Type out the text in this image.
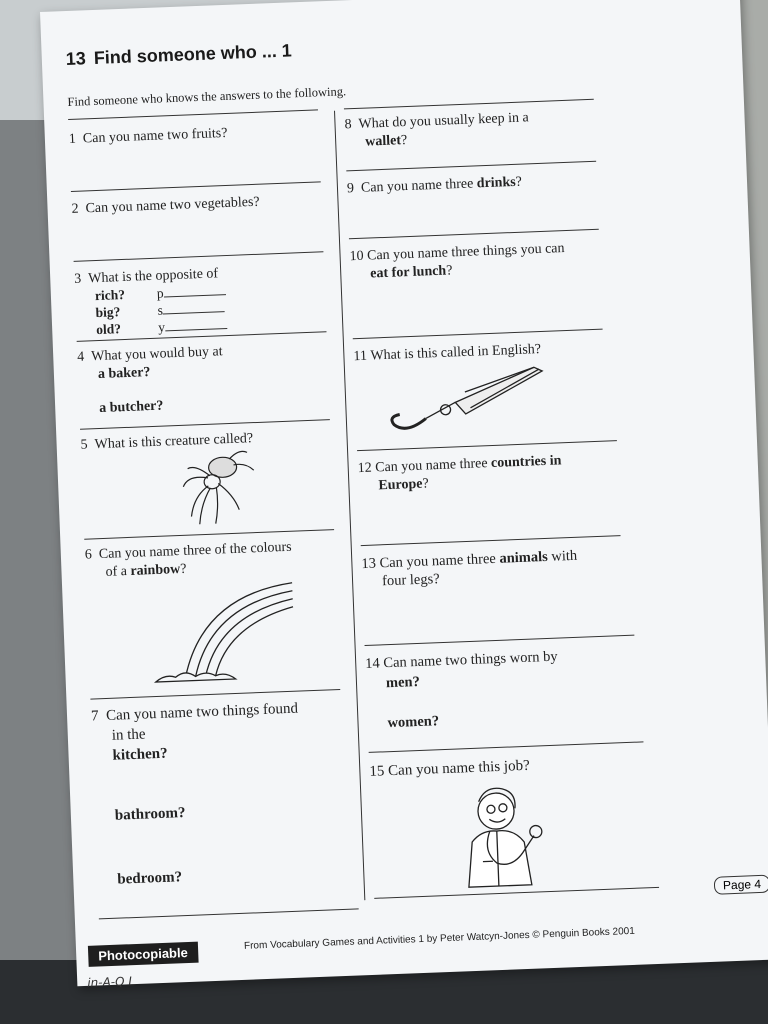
13 Find someone who ... 1
Find someone who knows the answers to the following.
1 Can you name two fruits?
2 Can you name two vegetables?
3 What is the opposite of
rich? p
big?	s
old?	y
4 What you would buy at
a baker?
a butcher?
5 What is this creature called?
6 Can you name three of the colours
of a rainbow?
7 Can you name two things found
in the
kitchen?
bathroom?
bedroom?
8 What do you usually keep in a
wallet?
9 Can you name three drinks?
10 Can you name three things you can
eat for lunch?
11 What is this called in English?
12 Can you name three countries in
Europe?
13 Can you name three animals with
four legs?
14 Can name two things worn by
men?
women?
15 Can you name this job?
Page 4
Photocopiable
From Vocabulary Games and Activities 1 by Peter Watcyn-Jones © Penguin Books 2001
in-A-Q L
